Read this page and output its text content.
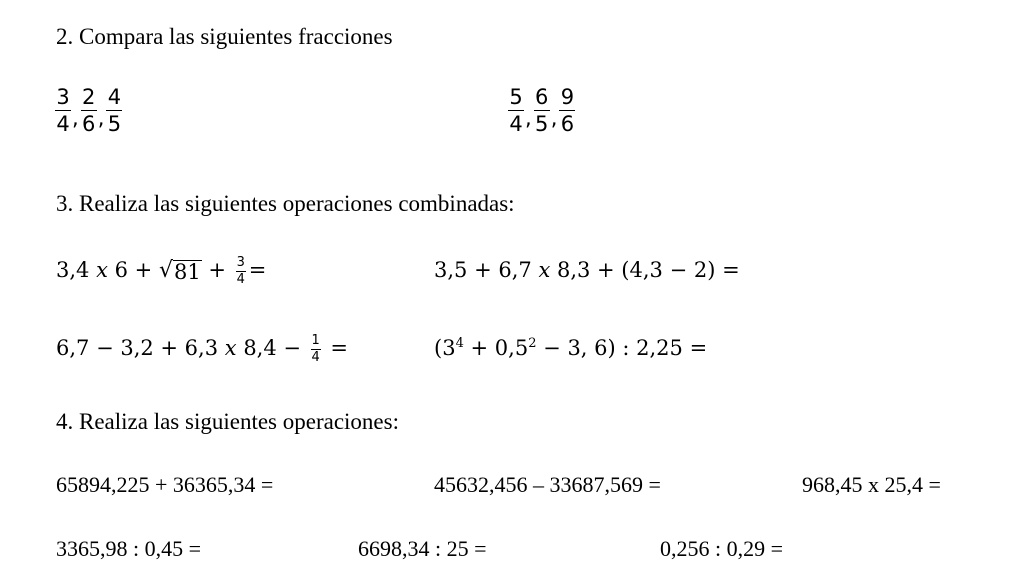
2. Compara las siguientes fracciones
$\frac{3}{4}$ , $\frac{2}{6}$ , $\frac{4}{5}$	$\frac{5}{4}$ , $\frac{6}{5}$ , $\frac{9}{6}$
3. Realiza las siguientes operaciones combinadas:
3,4 x 6 + √ $81 + \frac{3}{4}$ =	3,5 + 6,7 x 8,3 + (4,3 − 2) =
6,7 − 3,2 + 6,3 x $8,4 - \frac{1}{4}$ =	($3^4 + 0,5^2 - 3$, 6) : 2,25 =
4. Realiza las siguientes operaciones:
65894,225 + 36365,34 =	45632,456 – 33687,569 =	968,45 x 25,4 =
3365,98 : 0,45 =	6698,34 : 25 =	0,256 : 0,29 =
